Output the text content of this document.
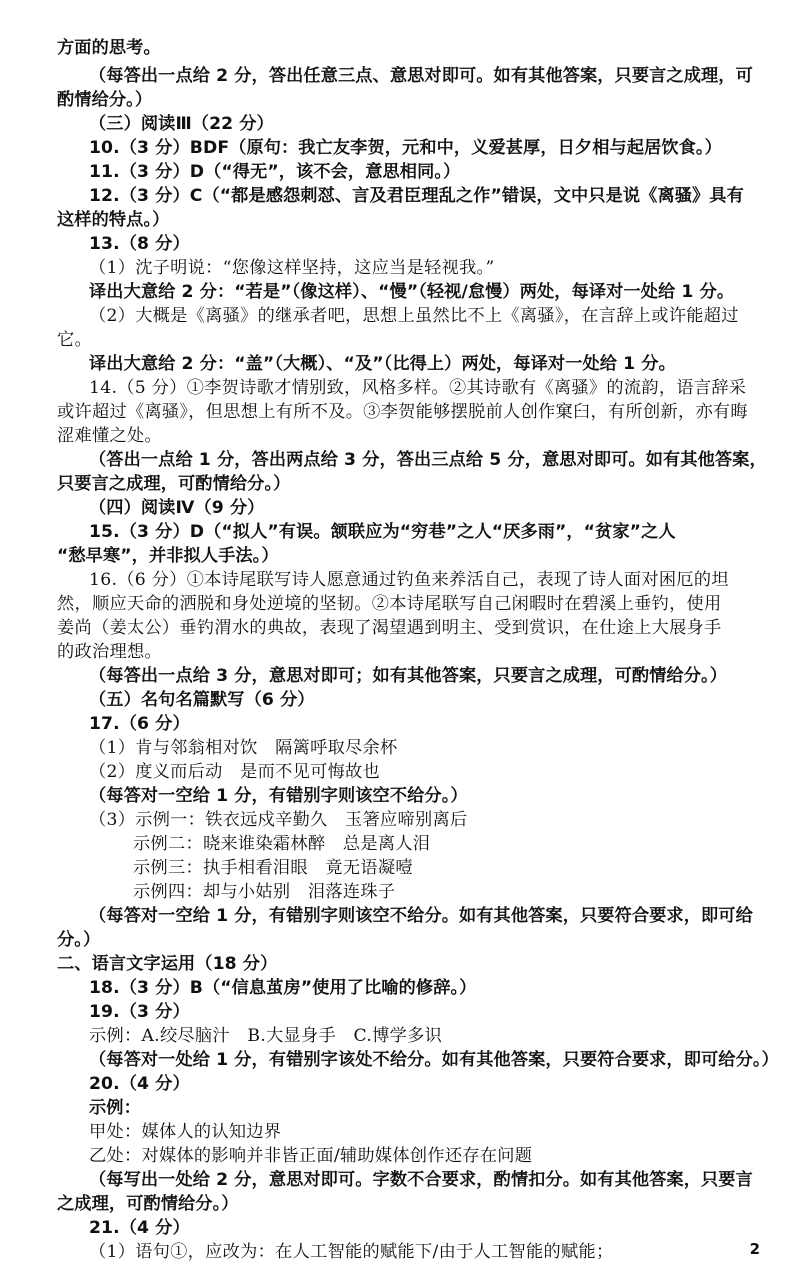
方面的思考。
（每答出一点给 2 分，答出任意三点、意思对即可。如有其他答案，只要言之成理，可
酌情给分。）
（三）阅读Ⅲ（22 分）
10.（3 分）BDF（原句：我亡友李贺，元和中，义爱甚厚，日夕相与起居饮食。）
11.（3 分）D（“得无”，该不会，意思相同。）
12.（3 分）C（“都是感怨刺怼、言及君臣理乱之作”错误，文中只是说《离骚》具有
这样的特点。）
13.（8 分）
（1）沈子明说：“您像这样坚持，这应当是轻视我。”
译出大意给 2 分：“若是”（像这样）、“慢”（轻视/怠慢）两处，每译对一处给 1 分。
（2）大概是《离骚》的继承者吧，思想上虽然比不上《离骚》，在言辞上或许能超过
它。
译出大意给 2 分：“盖”（大概）、“及”（比得上）两处，每译对一处给 1 分。
14.（5 分）①李贺诗歌才情别致，风格多样。②其诗歌有《离骚》的流韵，语言辞采
或许超过《离骚》，但思想上有所不及。③李贺能够摆脱前人创作窠臼，有所创新，亦有晦
涩难懂之处。
（答出一点给 1 分，答出两点给 3 分，答出三点给 5 分，意思对即可。如有其他答案，
只要言之成理，可酌情给分。）
（四）阅读Ⅳ（9 分）
15.（3 分）D（“拟人”有误。颔联应为“穷巷”之人“厌多雨”，“贫家”之人
“愁早寒”，并非拟人手法。）
16.（6 分）①本诗尾联写诗人愿意通过钓鱼来养活自己，表现了诗人面对困厄的坦
然，顺应天命的洒脱和身处逆境的坚韧。②本诗尾联写自己闲暇时在碧溪上垂钓，使用
姜尚（姜太公）垂钓渭水的典故，表现了渴望遇到明主、受到赏识，在仕途上大展身手
的政治理想。
（每答出一点给 3 分，意思对即可；如有其他答案，只要言之成理，可酌情给分。）
（五）名句名篇默写（6 分）
17.（6 分）
（1）肯与邻翁相对饮　隔篱呼取尽余杯
（2）度义而后动　是而不见可悔故也
（每答对一空给 1 分，有错别字则该空不给分。）
（3）示例一：铁衣远戍辛勤久　玉箸应啼别离后
示例二：晓来谁染霜林醉　总是离人泪
示例三：执手相看泪眼　竟无语凝噎
示例四：却与小姑别　泪落连珠子
（每答对一空给 1 分，有错别字则该空不给分。如有其他答案，只要符合要求，即可给
分。）
二、语言文字运用（18 分）
18.（3 分）B（“信息茧房”使用了比喻的修辞。）
19.（3 分）
示例：A.绞尽脑汁　B.大显身手　C.博学多识
（每答对一处给 1 分，有错别字该处不给分。如有其他答案，只要符合要求，即可给分。）
20.（4 分）
示例：
甲处：媒体人的认知边界
乙处：对媒体的影响并非皆正面/辅助媒体创作还存在问题
（每写出一处给 2 分，意思对即可。字数不合要求，酌情扣分。如有其他答案，只要言
之成理，可酌情给分。）
21.（4 分）
（1）语句①，应改为：在人工智能的赋能下/由于人工智能的赋能；	2
